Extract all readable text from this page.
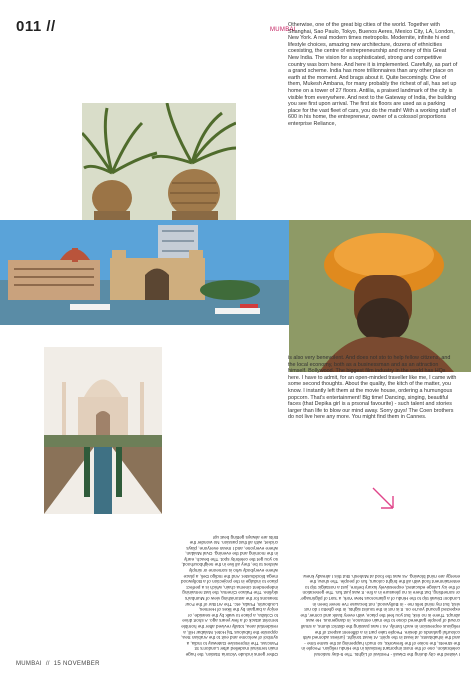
011 //	MUMBAI
Otherwise, one of the great big cities of the world. Together with Shanghai, Sao Paulo, Tokyo, Buenos Aeres, Mexico City, LA, London, New York. A real modern times metropolis. Modernite, infinite hi end lifestyle choices, amazing new architecture, dozens of ethnicities coexisting, the centre of entrepreneurship and money of this Great New India. The vision for a sophisticated, strong and competitive country was born here. And here it is implemented. Carefully, as part of a grand scheme. India has more trillionnaires than any other place on earth at the moment. And brags about it. Quite becomingly. One of them, Mukesh Ambana, for many probably the richest of all, has set up home on a tower of 27 floors. Antilia, a praised landmark of the city is visible from everywhere. And next to the Gateway of India, the building you see first upon arrival. The first six floors are used as a parking place for the vast fleet of cars, you do the math! With a working staff of 600 in his home, the entrepreneur, owner of a colossol proportions enterprise Reliance,
is also very benevolent. And does not sto to help fellow citizens, and the local economy, both as a businessman and as an attraction himself. Bollywood. The biggest film industry in the world has HQs here. I have to admit, for an open-minded traveller like me, I came with some second thoughts. About the quality, the kitch of the matter, you know. I instantly left them at the movie house, ordering a humungous popcorn. That's entertainment! Big time! Dancing, singing, beautiful faces (that Depika girl is a prsonal favourite) - such talent and stories larger than life to blow our mind away. Sorry guys! The Coen brothers do not live here any more. You might find them in Cannes.
Other gems include Victoria Station, the huge main terminal modelled after London's St Pancras. The impressive Gateway to India, a symbol of welcome and exit to the Arabian Sea, opposite the fabulous Taj Hotel. Malabar Hill, a residential area, totally revived after the horrible terrorist attack of a few years ago. A short drive to Colaba, a place to walk by the seaside, or enjoy a bargain by the likes of Hermes, Louboutin, Prada, etc. The Art Bar of the Four Seasons for the astonishing view of Mumbai's skyline. The Palace Cinema, the last remaining independent cinema chain, which is a perfect place to indulge in the projection of a Bollywood mega blockbuster. And the Indigo Deli, a place where everybody who is someone or simply wishes to be, they all live in the neighbourhood, so you get the celebrity spot. The beach, early in the morning and the evening. Oval Maidan, where everyone, and I mean everyone, plays cricket, with all that passion. No wonder the Brits are always getting beat up!
I visited the city during the Diwali - Festival of Lights. The 5-day national celebration, one of the most important festivals in the Hindu religion. People in the streets, the noise of the fireworks, so much happening at the same time - and the inhabitants, at least in the spirit. At least tonight. (unless adorned with colourful garlands of desire. People take part in a different aspect of the religious expression in each family. As I was passing the district slums, a small crowd of people gathered close to the main entrance, in dangerous. He was abrupt. There is no risk, but you feel the place, with every bank and corner, the expected ground you're on. It is not in the tourist sights, in the ghetto I do not visit, but my mind tells me - in Bollywood, not because I've never been in London! Diwali trip to the Hindu of a glamorous New York, a 'sort of pilgrimage' or something, but there is no pleasure in a fire. It was just fun. The generation of the icy Laloge educated, expressively luxury before, just a nostalgic trip to entertainment food with all the bright colours, fun of people. The show, the energy are mind blowing. As was the food at Mahesh. But this I already knew.
MUMBAI // 15 NOVEMBER
